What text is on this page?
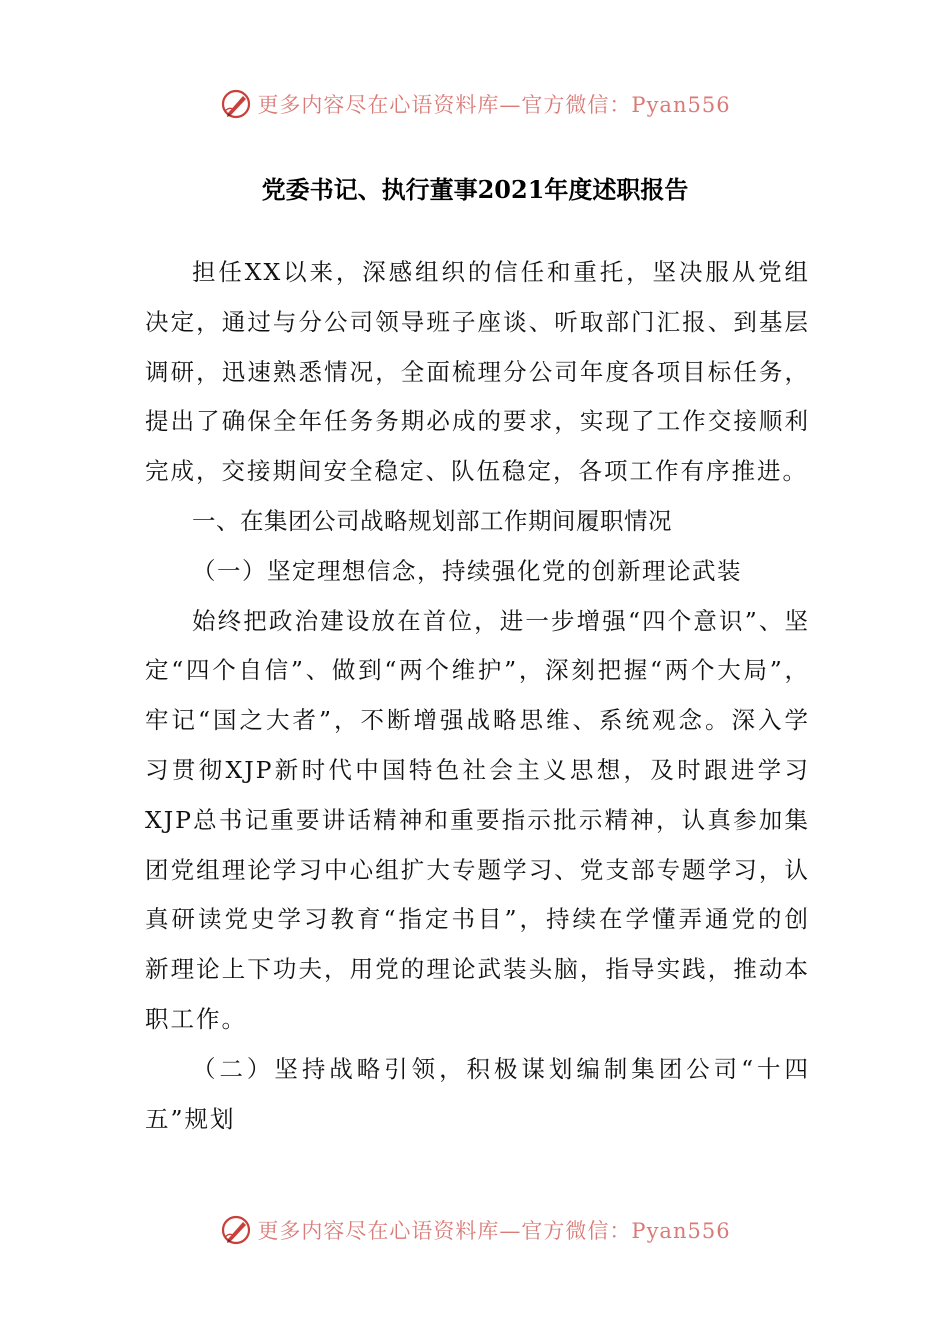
更多内容尽在心语资料库—官方微信：Pyan556
党委书记、执行董事2021年度述职报告

担任XX以来，深感组织的信任和重托，坚决服从党组决定，通过与分公司领导班子座谈、听取部门汇报、到基层调研，迅速熟悉情况，全面梳理分公司年度各项目标任务，提出了确保全年任务务期必成的要求，实现了工作交接顺利完成，交接期间安全稳定、队伍稳定，各项工作有序推进。

一、在集团公司战略规划部工作期间履职情况

（一）坚定理想信念，持续强化党的创新理论武装

始终把政治建设放在首位，进一步增强“四个意识”、坚定“四个自信”、做到“两个维护”，深刻把握“两个大局”，牢记“国之大者”，不断增强战略思维、系统观念。深入学习贯彻XJP新时代中国特色社会主义思想，及时跟进学习XJP总书记重要讲话精神和重要指示批示精神，认真参加集团党组理论学习中心组扩大专题学习、党支部专题学习，认真研读党史学习教育“指定书目”，持续在学懂弄通党的创新理论上下功夫，用党的理论武装头脑，指导实践，推动本职工作。

（二）坚持战略引领，积极谋划编制集团公司“十四五”规划

更多内容尽在心语资料库—官方微信：Pyan556
